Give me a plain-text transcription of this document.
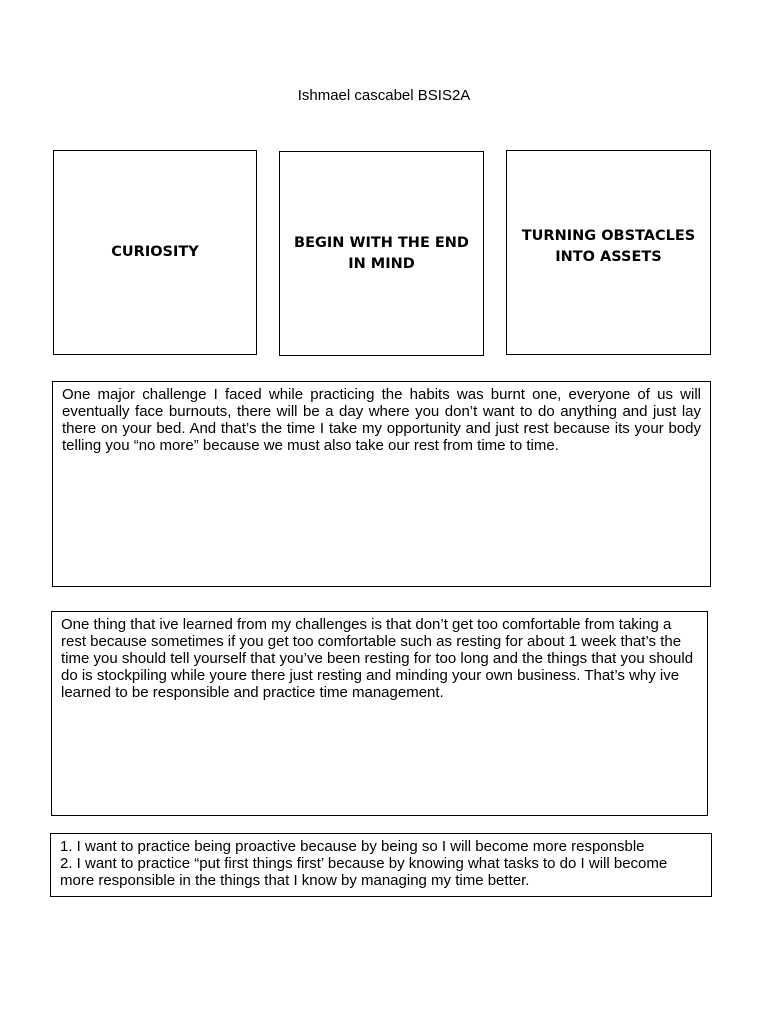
Ishmael cascabel BSIS2A
CURIOSITY
BEGIN WITH THE END IN MIND
TURNING OBSTACLES INTO ASSETS

One major challenge I faced while practicing the habits was burnt one, everyone of us will eventually face burnouts, there will be a day where you don’t want to do anything and just lay there on your bed. And that’s the time I take my opportunity and just rest because its your body telling you “no more” because we must also take our rest from time to time.

One thing that ive learned from my challenges is that don’t get too comfortable from taking a rest because sometimes if you get too comfortable such as resting for about 1 week that’s the time you should tell yourself that you’ve been resting for too long and the things that you should do is stockpiling while youre there just resting and minding your own business. That’s why ive learned to be responsible and practice time management.

1. I want to practice being proactive because by being so I will become more responsble

2. I want to practice “put first things first’ because by knowing what tasks to do I will become more responsible in the things that I know by managing my time better.
